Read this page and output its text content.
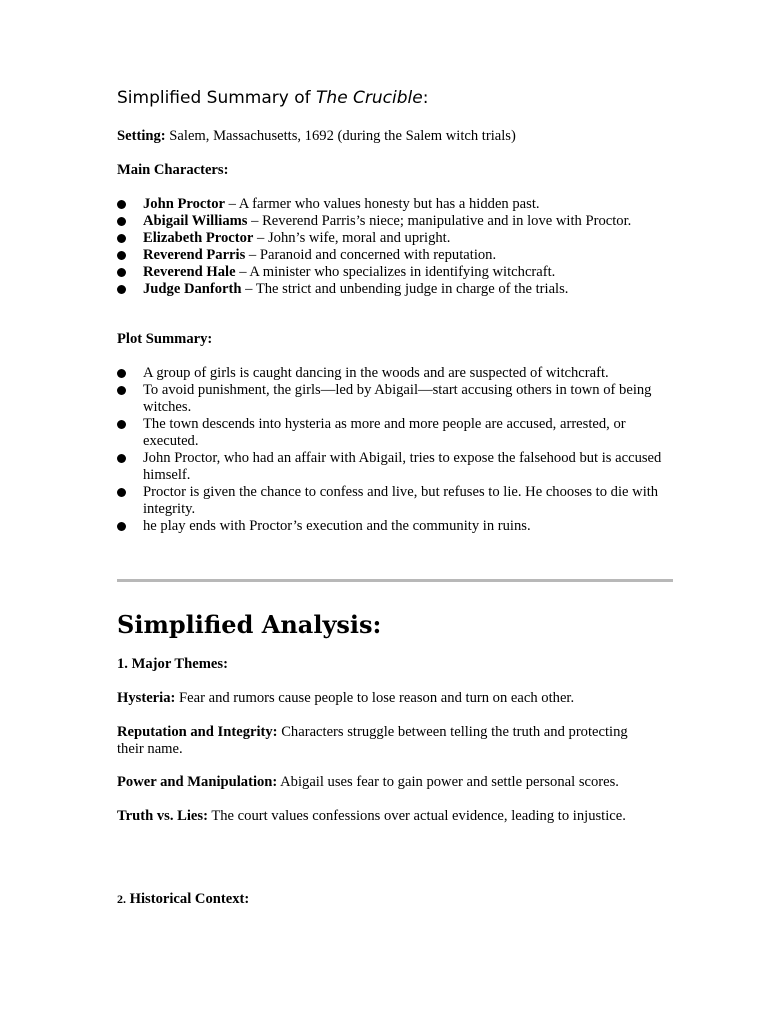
Simplified Summary of The Crucible:
Setting: Salem, Massachusetts, 1692 (during the Salem witch trials)
Main Characters:
John Proctor – A farmer who values honesty but has a hidden past.
Abigail Williams – Reverend Parris’s niece; manipulative and in love with Proctor.
Elizabeth Proctor – John’s wife, moral and upright.
Reverend Parris – Paranoid and concerned with reputation.
Reverend Hale – A minister who specializes in identifying witchcraft.
Judge Danforth – The strict and unbending judge in charge of the trials.
Plot Summary:
A group of girls is caught dancing in the woods and are suspected of witchcraft.
To avoid punishment, the girls—led by Abigail—start accusing others in town of being witches.
The town descends into hysteria as more and more people are accused, arrested, or executed.
John Proctor, who had an affair with Abigail, tries to expose the falsehood but is accused himself.
Proctor is given the chance to confess and live, but refuses to lie. He chooses to die with integrity.
he play ends with Proctor’s execution and the community in ruins.
Simplified Analysis:
1. Major Themes:
Hysteria: Fear and rumors cause people to lose reason and turn on each other.
Reputation and Integrity: Characters struggle between telling the truth and protecting their name.
Power and Manipulation: Abigail uses fear to gain power and settle personal scores.
Truth vs. Lies: The court values confessions over actual evidence, leading to injustice.
2. Historical Context:
